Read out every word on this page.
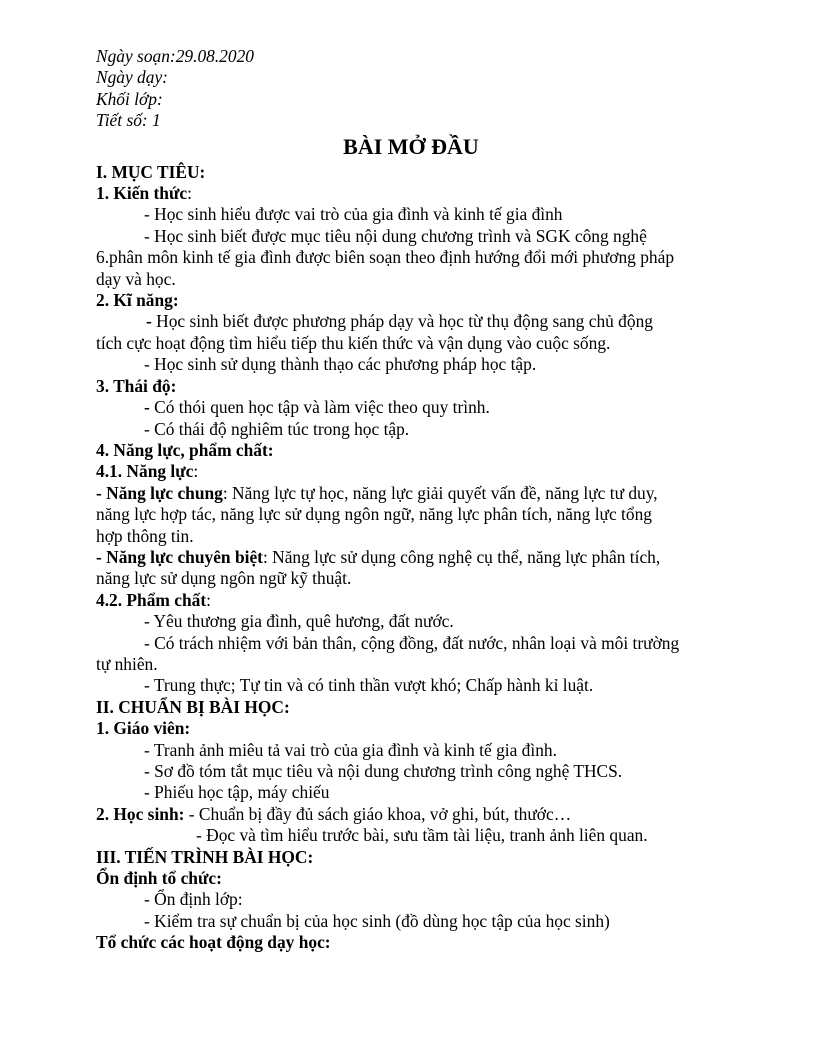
Ngày soạn:29.08.2020
Ngày dạy:
Khối lớp:
Tiết số: 1
BÀI MỞ ĐẦU
I. MỤC TIÊU:
1. Kiến thức:
- Học sinh hiểu được vai trò của gia đình và kinh tế gia đình
- Học sinh biết được mục tiêu nội dung chương trình và SGK công nghệ
6.phân môn kinh tế gia đình được biên soạn theo định hướng đổi mới phương pháp
dạy và học.
2. Kĩ năng:
- Học sinh biết được phương pháp dạy và học từ thụ động sang chủ động
tích cực hoạt động tìm hiểu tiếp thu kiến thức và vận dụng vào cuộc sống.
- Học sinh sử dụng thành thạo các phương pháp học tập.
3. Thái độ:
- Có thói quen học tập và làm việc theo quy trình.
- Có thái độ nghiêm túc trong học tập.
4. Năng lực, phẩm chất:
4.1. Năng lực:
- Năng lực chung: Năng lực tự học, năng lực giải quyết vấn đề, năng lực tư duy,
năng lực hợp tác, năng lực sử dụng ngôn ngữ, năng lực phân tích, năng lực tổng
hợp thông tin.
- Năng lực chuyên biệt: Năng lực sử dụng công nghệ cụ thể, năng lực phân tích,
năng lực sử dụng ngôn ngữ kỹ thuật.
4.2. Phẩm chất:
- Yêu thương gia đình, quê hương, đất nước.
- Có trách nhiệm với bản thân, cộng đồng, đất nước, nhân loại và môi trường
tự nhiên.
- Trung thực; Tự tin và có tinh thần vượt khó; Chấp hành kỉ luật.
II. CHUẨN BỊ BÀI HỌC:
1. Giáo viên:
- Tranh ảnh miêu tả vai trò của gia đình và kinh tế gia đình.
- Sơ đồ tóm tắt mục tiêu và nội dung chương trình công nghệ THCS.
- Phiếu học tập, máy chiếu
2. Học sinh: - Chuẩn bị đầy đủ sách giáo khoa, vở ghi, bút, thước…
- Đọc và tìm hiểu trước bài, sưu tầm tài liệu, tranh ảnh liên quan.
III. TIẾN TRÌNH BÀI HỌC:
Ổn định tổ chức:
- Ổn định lớp:
- Kiểm tra sự chuẩn bị của học sinh (đồ dùng học tập của học sinh)
Tổ chức các hoạt động dạy học:
